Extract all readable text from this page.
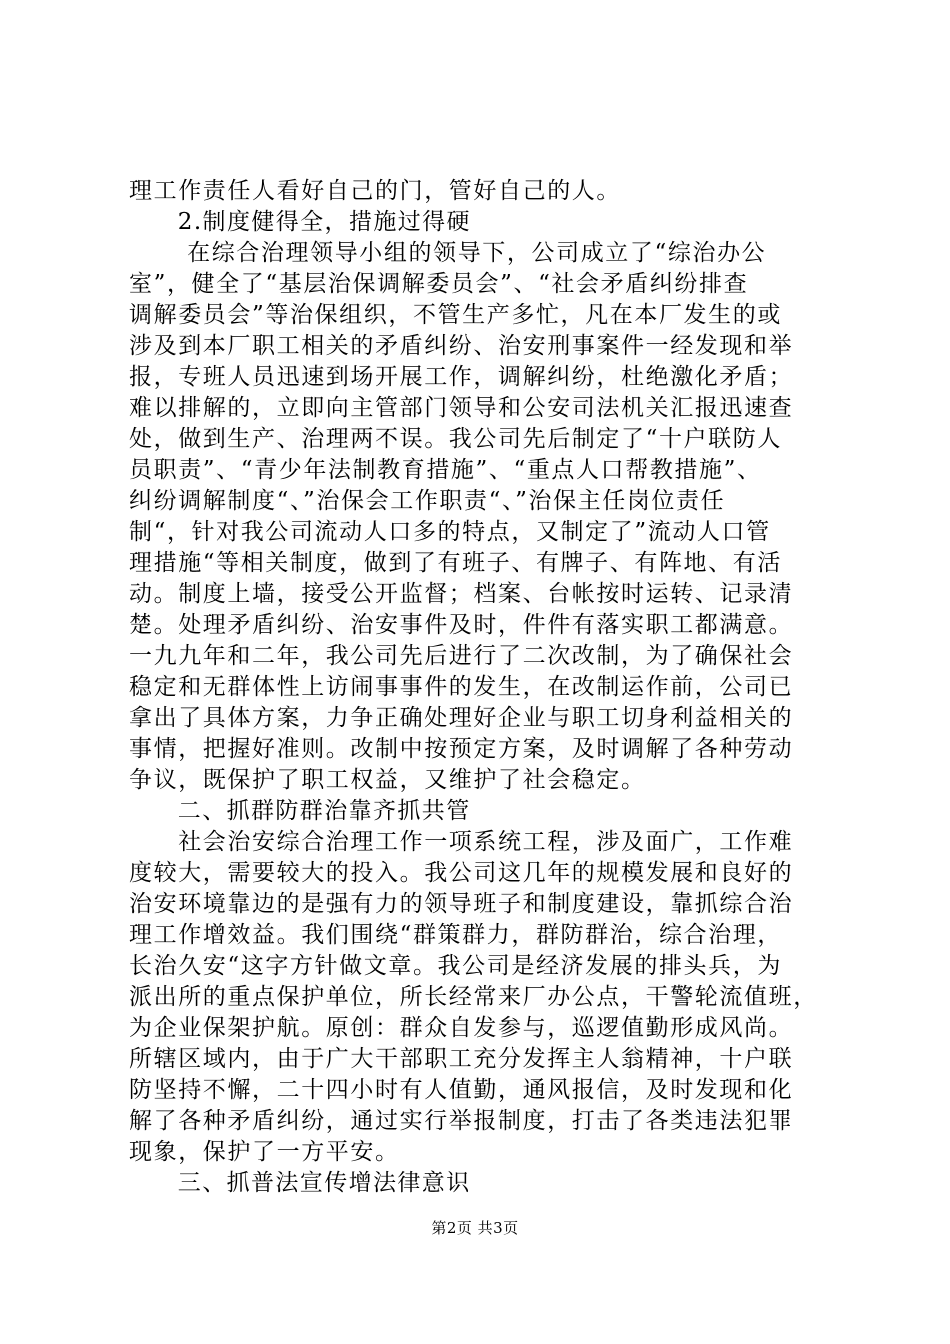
理工作责任人看好自己的门，管好自己的人。
　　2.制度健得全，措施过得硬
　　 在综合治理领导小组的领导下，公司成立了“综治办公
室”，健全了“基层治保调解委员会”、“社会矛盾纠纷排查
调解委员会”等治保组织，不管生产多忙，凡在本厂发生的或
涉及到本厂职工相关的矛盾纠纷、治安刑事案件一经发现和举
报，专班人员迅速到场开展工作，调解纠纷，杜绝激化矛盾；
难以排解的，立即向主管部门领导和公安司法机关汇报迅速查
处，做到生产、治理两不误。我公司先后制定了“十户联防人
员职责”、“青少年法制教育措施”、“重点人口帮教措施”、
纠纷调解制度“、”治保会工作职责“、”治保主任岗位责任
制“，针对我公司流动人口多的特点，又制定了”流动人口管
理措施“等相关制度，做到了有班子、有牌子、有阵地、有活
动。制度上墙，接受公开监督；档案、台帐按时运转、记录清
楚。处理矛盾纠纷、治安事件及时，件件有落实职工都满意。
一九九年和二年，我公司先后进行了二次改制，为了确保社会
稳定和无群体性上访闹事事件的发生，在改制运作前，公司已
拿出了具体方案，力争正确处理好企业与职工切身利益相关的
事情，把握好准则。改制中按预定方案，及时调解了各种劳动
争议，既保护了职工权益，又维护了社会稳定。
　　二、抓群防群治靠齐抓共管
　　社会治安综合治理工作一项系统工程，涉及面广，工作难
度较大，需要较大的投入。我公司这几年的规模发展和良好的
治安环境靠边的是强有力的领导班子和制度建设，靠抓综合治
理工作增效益。我们围绕“群策群力，群防群治，综合治理，
长治久安“这字方针做文章。我公司是经济发展的排头兵，为
派出所的重点保护单位，所长经常来厂办公点，干警轮流值班，
为企业保架护航。原创：群众自发参与，巡逻值勤形成风尚。
所辖区域内，由于广大干部职工充分发挥主人翁精神，十户联
防坚持不懈，二十四小时有人值勤，通风报信，及时发现和化
解了各种矛盾纠纷，通过实行举报制度，打击了各类违法犯罪
现象，保护了一方平安。
　　三、抓普法宣传增法律意识
第2页 共3页
